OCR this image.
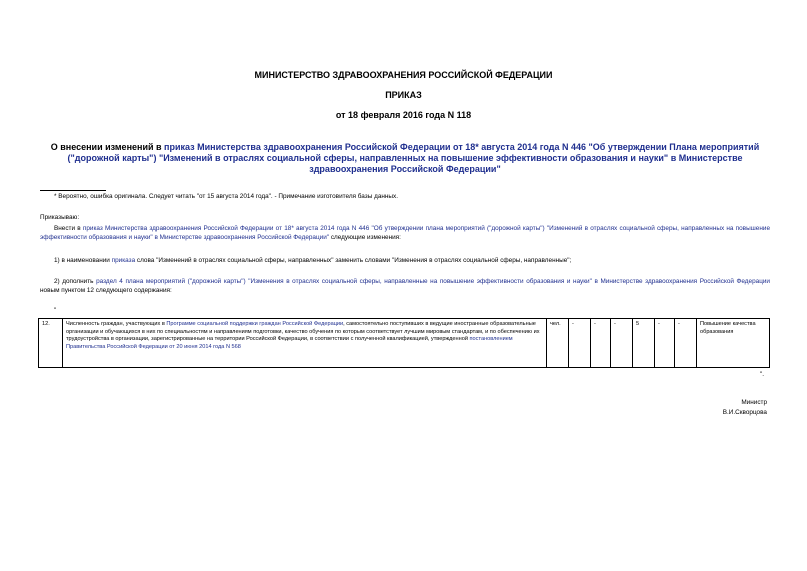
МИНИСТЕРСТВО ЗДРАВООХРАНЕНИЯ РОССИЙСКОЙ ФЕДЕРАЦИИ
ПРИКАЗ
от 18 февраля 2016 года N 118
О внесении изменений в приказ Министерства здравоохранения Российской Федерации от 18* августа 2014 года N 446 "Об утверждении Плана мероприятий ("дорожной карты") "Изменений в отраслях социальной сферы, направленных на повышение эффективности образования и науки" в Министерстве здравоохранения Российской Федерации"
* Вероятно, ошибка оригинала. Следует читать "от 15 августа 2014 года". - Примечание изготовителя базы данных.
Приказываю:
Внести в приказ Министерства здравоохранения Российской Федерации от 18* августа 2014 года N 446 "Об утверждении плана мероприятий ("дорожной карты") "Изменений в отраслях социальной сферы, направленных на повышение эффективности образования и науки" в Министерстве здравоохранения Российской Федерации" следующие изменения:
1) в наименовании приказа слова "Изменений в отраслях социальной сферы, направленных" заменить словами "Изменения в отраслях социальной сферы, направленные";
2) дополнить раздел 4 плана мероприятий ("дорожной карты") "Изменения в отраслях социальной сферы, направленные на повышение эффективности образования и науки" в Министерстве здравоохранения Российской Федерации новым пунктом 12 следующего содержания:
"
12.	Численность граждан, участвующих в Программе социальной поддержки граждан Российской Федерации, самостоятельно поступивших в ведущие иностранные образовательные организации и обучающихся в них по специальностям и направлениям подготовки, качество обучения по которым соответствует лучшим мировым стандартам, и по обеспечению их трудоустройства в организации, зарегистрированные на территории Российской Федерации, в соответствии с полученной квалификацией, утвержденной постановлением Правительства Российской Федерации от 20 июня 2014 года N 568	чел.	-	-	-	5	-	-	Повышение качества образования
".
Министр
В.И.Скворцова
